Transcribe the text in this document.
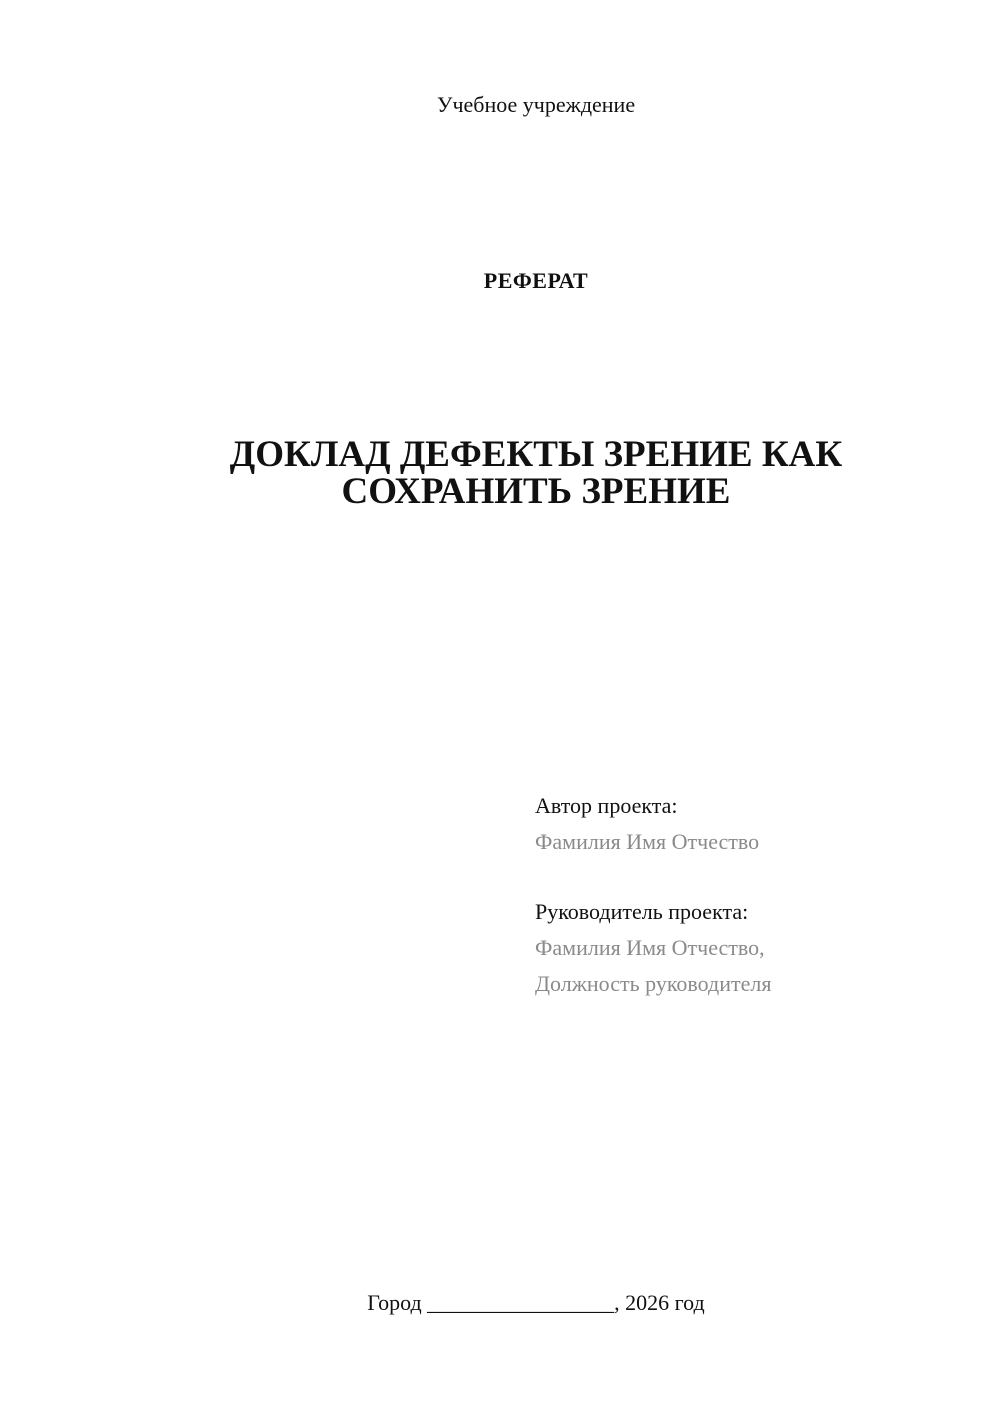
Учебное учреждение
РЕФЕРАТ
ДОКЛАД ДЕФЕКТЫ ЗРЕНИЕ КАК
СОХРАНИТЬ ЗРЕНИЕ
Автор проекта:
Фамилия Имя Отчество
Руководитель проекта:
Фамилия Имя Отчество,
Должность руководителя
Город _________________, 2026 год
